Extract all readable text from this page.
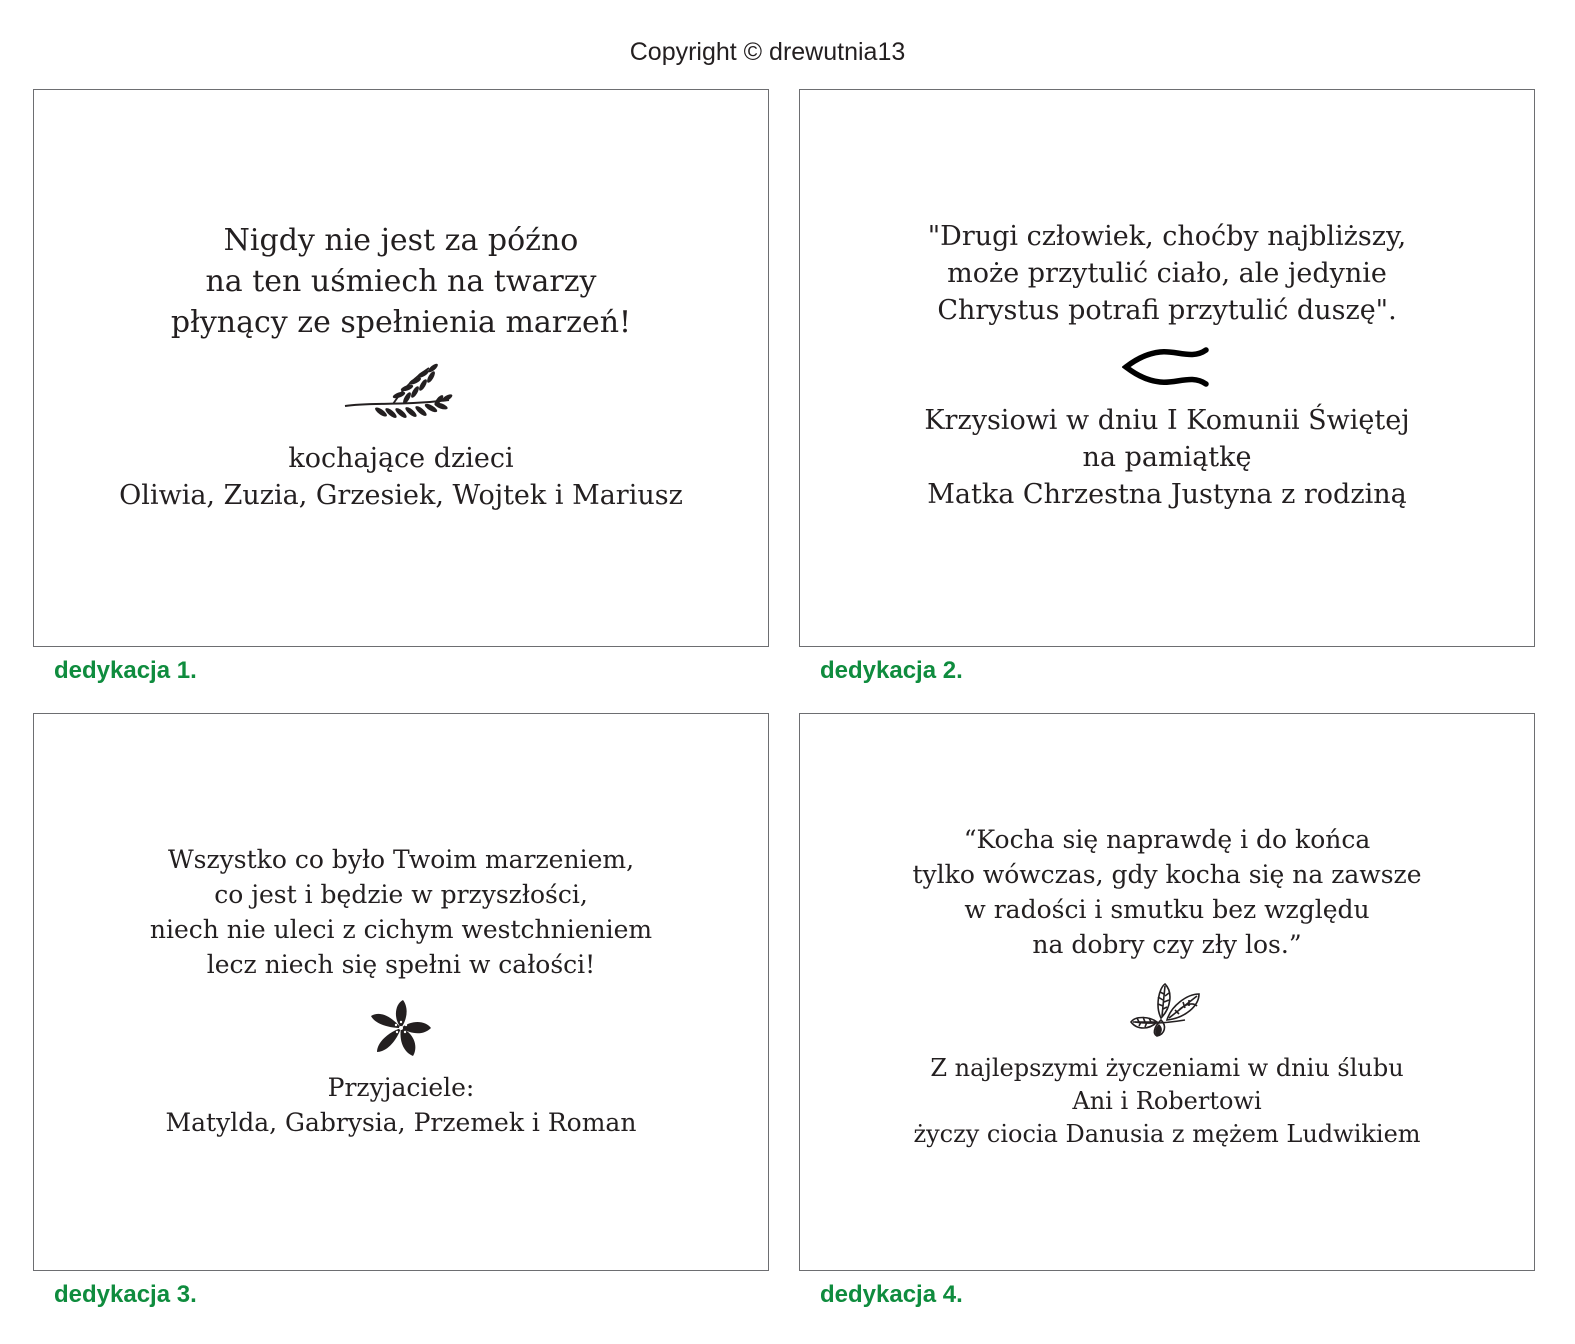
Copyright © drewutnia13
Nigdy nie jest za późno
na ten uśmiech na twarzy
płynący ze spełnienia marzeń!
kochające dzieci
Oliwia, Zuzia, Grzesiek, Wojtek i Mariusz
dedykacja 1.
"Drugi człowiek, choćby najbliższy,
może przytulić ciało, ale jedynie
Chrystus potrafi przytulić duszę".
Krzysiowi w dniu I Komunii Świętej
na pamiątkę
Matka Chrzestna Justyna z rodziną
dedykacja 2.
Wszystko co było Twoim marzeniem,
co jest i będzie w przyszłości,
niech nie uleci z cichym westchnieniem
lecz niech się spełni w całości!
Przyjaciele:
Matylda, Gabrysia, Przemek i Roman
dedykacja 3.
“Kocha się naprawdę i do końca
tylko wówczas, gdy kocha się na zawsze
w radości i smutku bez względu
na dobry czy zły los.”
Z najlepszymi życzeniami w dniu ślubu
Ani i Robertowi
życzy ciocia Danusia z mężem Ludwikiem
dedykacja 4.
